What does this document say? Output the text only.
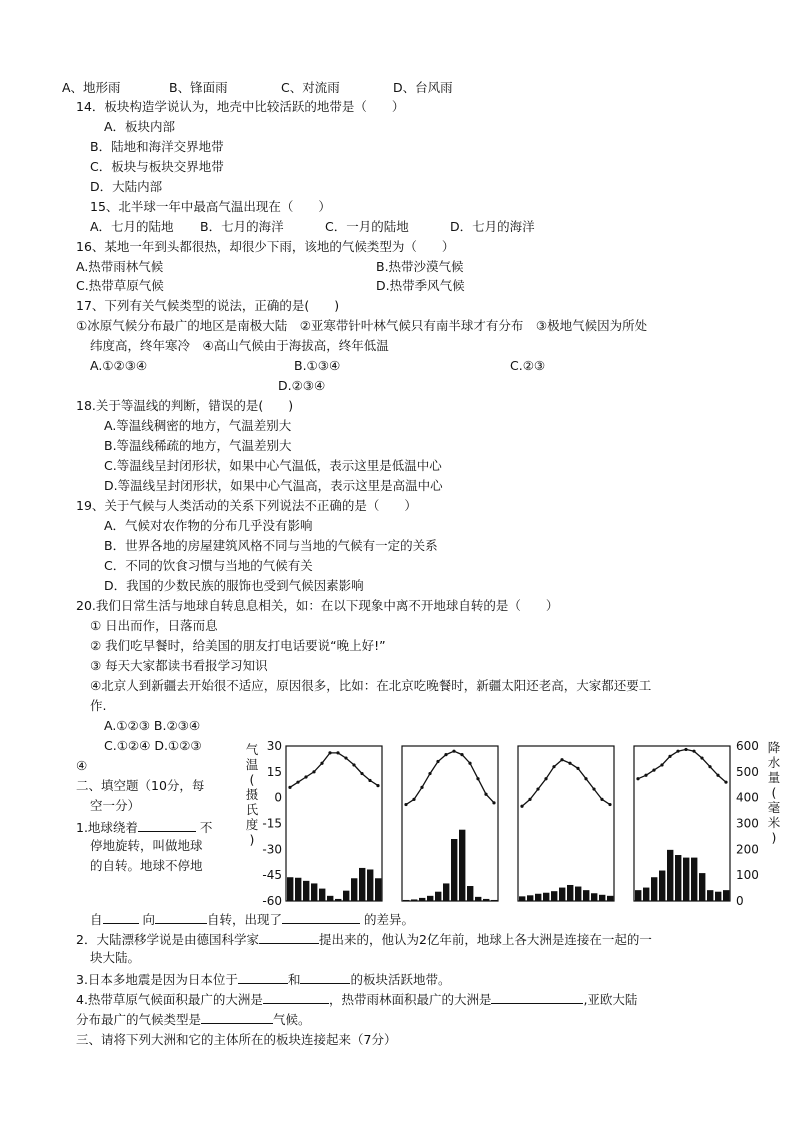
A、地形雨	B、锋面雨	C、对流雨	D、台风雨
14．板块构造学说认为，地壳中比较活跃的地带是（　　）
A．板块内部
B．陆地和海洋交界地带
C．板块与板块交界地带
D．大陆内部
15、北半球一年中最高气温出现在（　　）
A．七月的陆地 B．七月的海洋	C．一月的陆地	D．七月的海洋
16、某地一年到头都很热，却很少下雨，该地的气候类型为（　　）
A.热带雨林气候	B.热带沙漠气候
C.热带草原气候	D.热带季风气候
17、下列有关气候类型的说法，正确的是(　　)
①冰原气候分布最广的地区是南极大陆　②亚寒带针叶林气候只有南半球才有分布　③极地气候因为所处
纬度高，终年寒冷　④高山气候由于海拔高，终年低温
A.①②③④	B.①③④	C.②③
D.②③④
18.关于等温线的判断，错误的是(　　)
A.等温线稠密的地方，气温差别大
B.等温线稀疏的地方，气温差别大
C.等温线呈封闭形状，如果中心气温低，表示这里是低温中心
D.等温线呈封闭形状，如果中心气温高，表示这里是高温中心
19、关于气候与人类活动的关系下列说法不正确的是（　　）
A．气候对农作物的分布几乎没有影响
B．世界各地的房屋建筑风格不同与当地的气候有一定的关系
C．不同的饮食习惯与当地的气候有关
D．我国的少数民族的服饰也受到气候因素影响
20.我们日常生活与地球自转息息相关，如：在以下现象中离不开地球自转的是（　　）
① 日出而作，日落而息
② 我们吃早餐时，给美国的朋友打电话要说“晚上好!”
③ 每天大家都读书看报学习知识
④北京人到新疆去开始很不适应，原因很多，比如：在北京吃晚餐时，新疆太阳还老高，大家都还要工
作.
A.①②③ B.②③④
C.①②④ D.①②③
④
二、填空题（10分，每
空一分）
1.地球绕着	不
停地旋转，叫做地球
的自转。地球不停地
自	向	自转，出现了	的差异。
2．大陆漂移学说是由德国科学家	提出来的，他认为2亿年前，地球上各大洲是连接在一起的一
块大陆。
3.日本多地震是因为日本位于	和	的板块活跃地带。
4.热带草原气候面积最广的大洲是	，热带雨林面积最广的大洲是	,亚欧大陆
分布最广的气候类型是	气候。
三、请将下列大洲和它的主体所在的板块连接起来（7分）
30
15
0
-15
-30
-45
-60
600
500
400
300
200
100
0
气
温
(
摄
氏
度
)
降
水
量
(
毫
米
)
